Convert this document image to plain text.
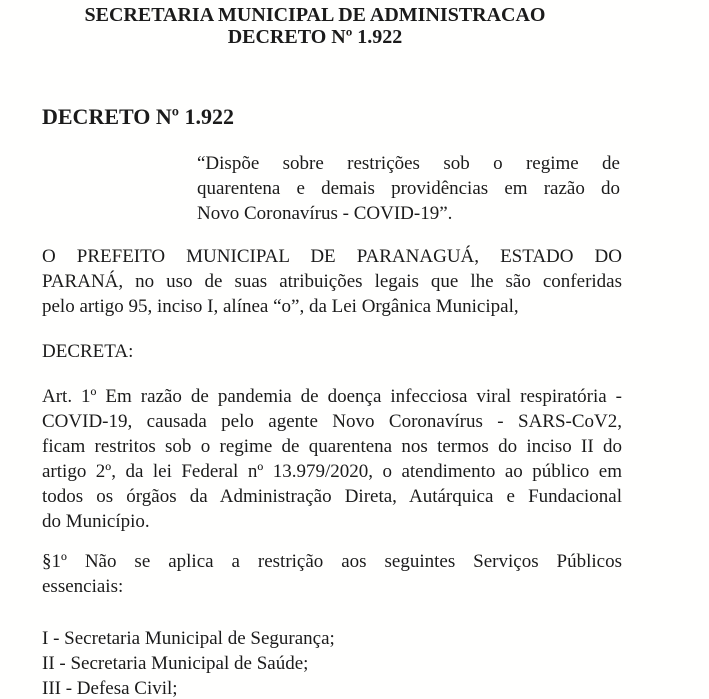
SECRETARIA MUNICIPAL DE ADMINISTRACAO
DECRETO Nº 1.922
DECRETO Nº 1.922
“Dispõe sobre restrições sob o regime de
quarentena e demais providências em razão do
Novo Coronavírus - COVID-19”.
O PREFEITO MUNICIPAL DE PARANAGUÁ, ESTADO DO
PARANÁ, no uso de suas atribuições legais que lhe são conferidas
pelo artigo 95, inciso I, alínea “o”, da Lei Orgânica Municipal,
DECRETA:
Art. 1º Em razão de pandemia de doença infecciosa viral respiratória -
COVID-19, causada pelo agente Novo Coronavírus - SARS-CoV2,
ficam restritos sob o regime de quarentena nos termos do inciso II do
artigo 2º, da lei Federal nº 13.979/2020, o atendimento ao público em
todos os órgãos da Administração Direta, Autárquica e Fundacional
do Município.
§1º Não se aplica a restrição aos seguintes Serviços Públicos
essenciais:
I - Secretaria Municipal de Segurança;
II - Secretaria Municipal de Saúde;
III - Defesa Civil;
